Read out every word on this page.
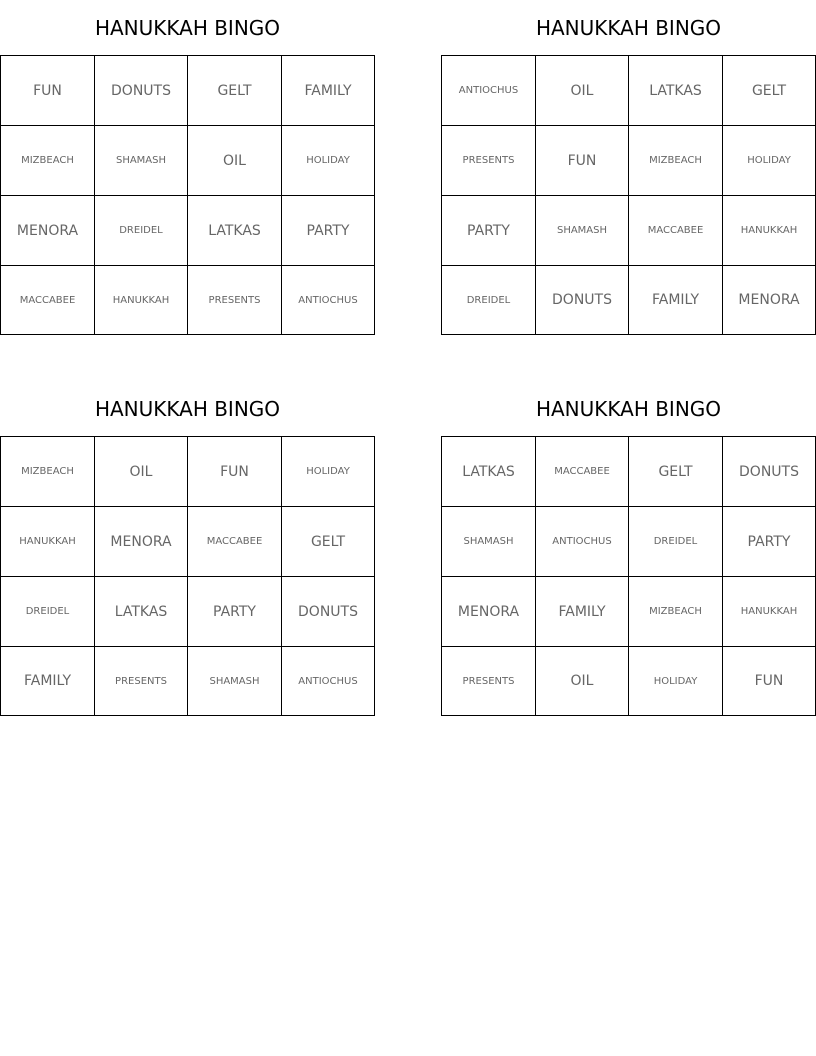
HANUKKAH BINGO
FUN	DONUTS	GELT	FAMILY
MIZBEACH	SHAMASH	OIL	HOLIDAY
MENORA	DREIDEL	LATKAS	PARTY
MACCABEE	HANUKKAH	PRESENTS	ANTIOCHUS
HANUKKAH BINGO
ANTIOCHUS	OIL	LATKAS	GELT
PRESENTS	FUN	MIZBEACH	HOLIDAY
PARTY	SHAMASH	MACCABEE	HANUKKAH
DREIDEL	DONUTS	FAMILY	MENORA
HANUKKAH BINGO
MIZBEACH	OIL	FUN	HOLIDAY
HANUKKAH	MENORA	MACCABEE	GELT
DREIDEL	LATKAS	PARTY	DONUTS
FAMILY	PRESENTS	SHAMASH	ANTIOCHUS
HANUKKAH BINGO
LATKAS	MACCABEE	GELT	DONUTS
SHAMASH	ANTIOCHUS	DREIDEL	PARTY
MENORA	FAMILY	MIZBEACH	HANUKKAH
PRESENTS	OIL	HOLIDAY	FUN
